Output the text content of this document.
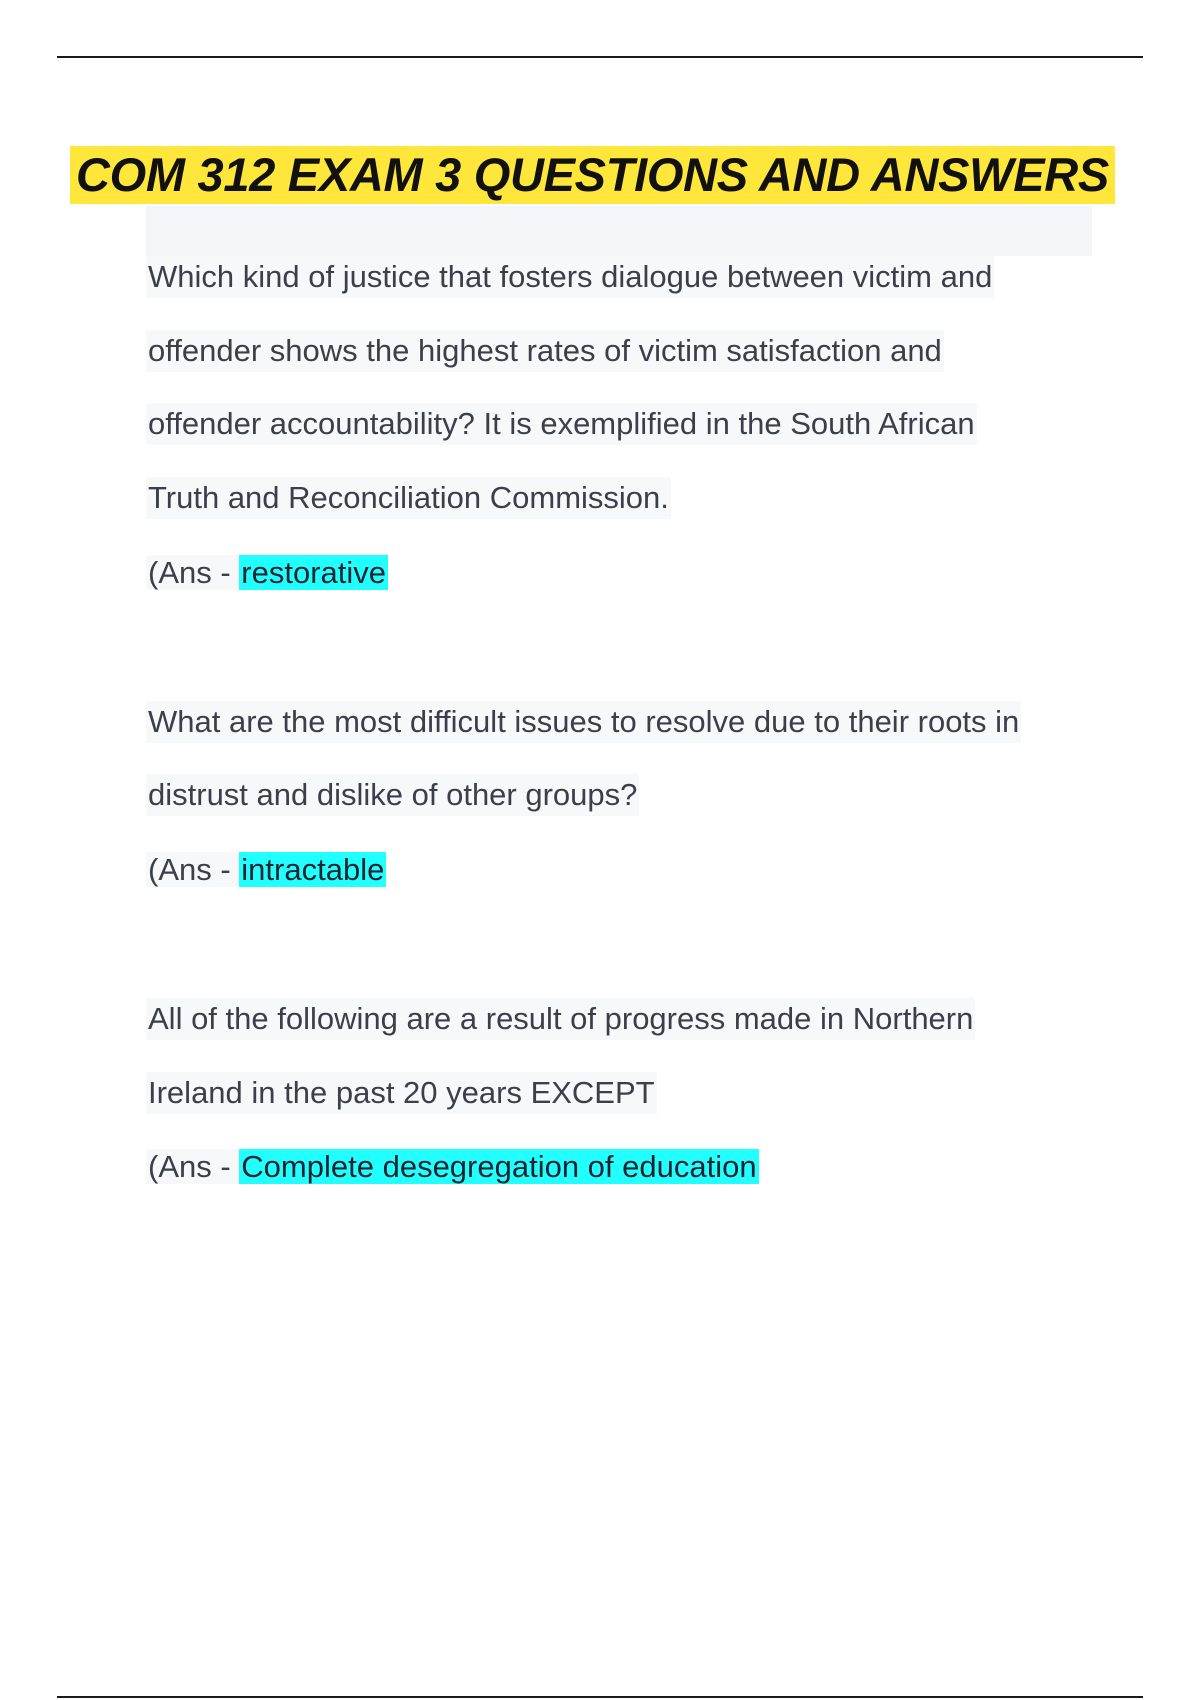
COM 312 EXAM 3 QUESTIONS AND ANSWERS
Which kind of justice that fosters dialogue between victim and
offender shows the highest rates of victim satisfaction and
offender accountability? It is exemplified in the South African
Truth and Reconciliation Commission.
(Ans - restorative
What are the most difficult issues to resolve due to their roots in
distrust and dislike of other groups?
(Ans - intractable
All of the following are a result of progress made in Northern
Ireland in the past 20 years EXCEPT
(Ans - Complete desegregation of education
